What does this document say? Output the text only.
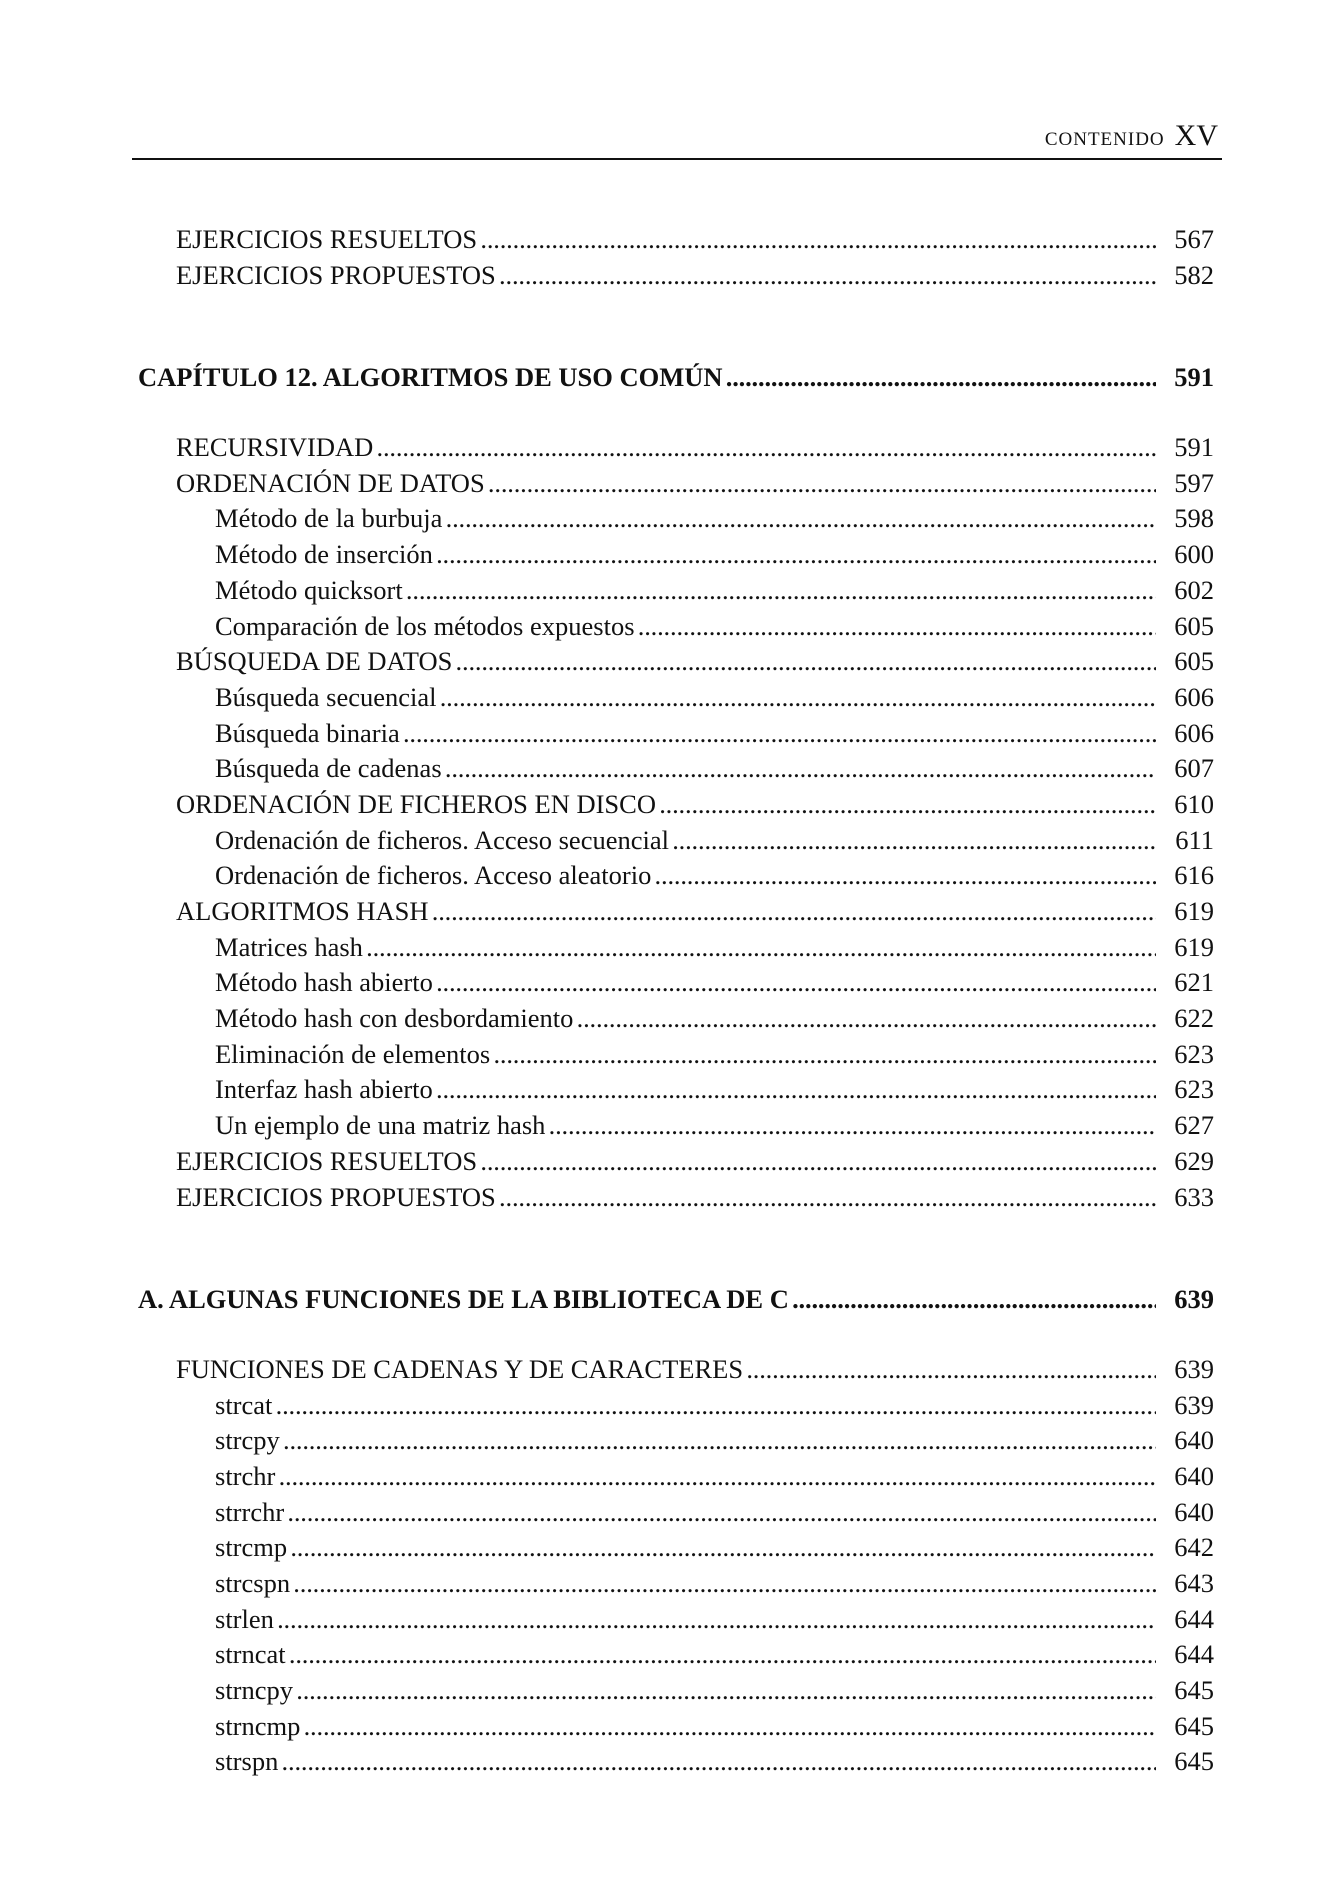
CONTENIDO XV
EJERCICIOS RESUELTOS . . .	567
EJERCICIOS PROPUESTOS . . .	582
CAPÍTULO 12. ALGORITMOS DE USO COMÚN . . .	591
RECURSIVIDAD . . .	591
ORDENACIÓN DE DATOS . . .	597
Método de la burbuja . . .	598
Método de inserción . . .	600
Método quicksort . . .	602
Comparación de los métodos expuestos . . .	605
BÚSQUEDA DE DATOS . . .	605
Búsqueda secuencial . . .	606
Búsqueda binaria . . .	606
Búsqueda de cadenas . . .	607
ORDENACIÓN DE FICHEROS EN DISCO . . .	610
Ordenación de ficheros. Acceso secuencial . . .	611
Ordenación de ficheros. Acceso aleatorio . . .	616
ALGORITMOS HASH . . .	619
Matrices hash . . .	619
Método hash abierto . . .	621
Método hash con desbordamiento . . .	622
Eliminación de elementos . . .	623
Interfaz hash abierto . . .	623
Un ejemplo de una matriz hash . . .	627
EJERCICIOS RESUELTOS . . .	629
EJERCICIOS PROPUESTOS . . .	633
A. ALGUNAS FUNCIONES DE LA BIBLIOTECA DE C . . .	639
FUNCIONES DE CADENAS Y DE CARACTERES . . .	639
strcat . . .	639
strcpy . . .	640
strchr . . .	640
strrchr . . .	640
strcmp . . .	642
strcspn . . .	643
strlen . . .	644
strncat . . .	644
strncpy . . .	645
strncmp . . .	645
strspn . . .	645
